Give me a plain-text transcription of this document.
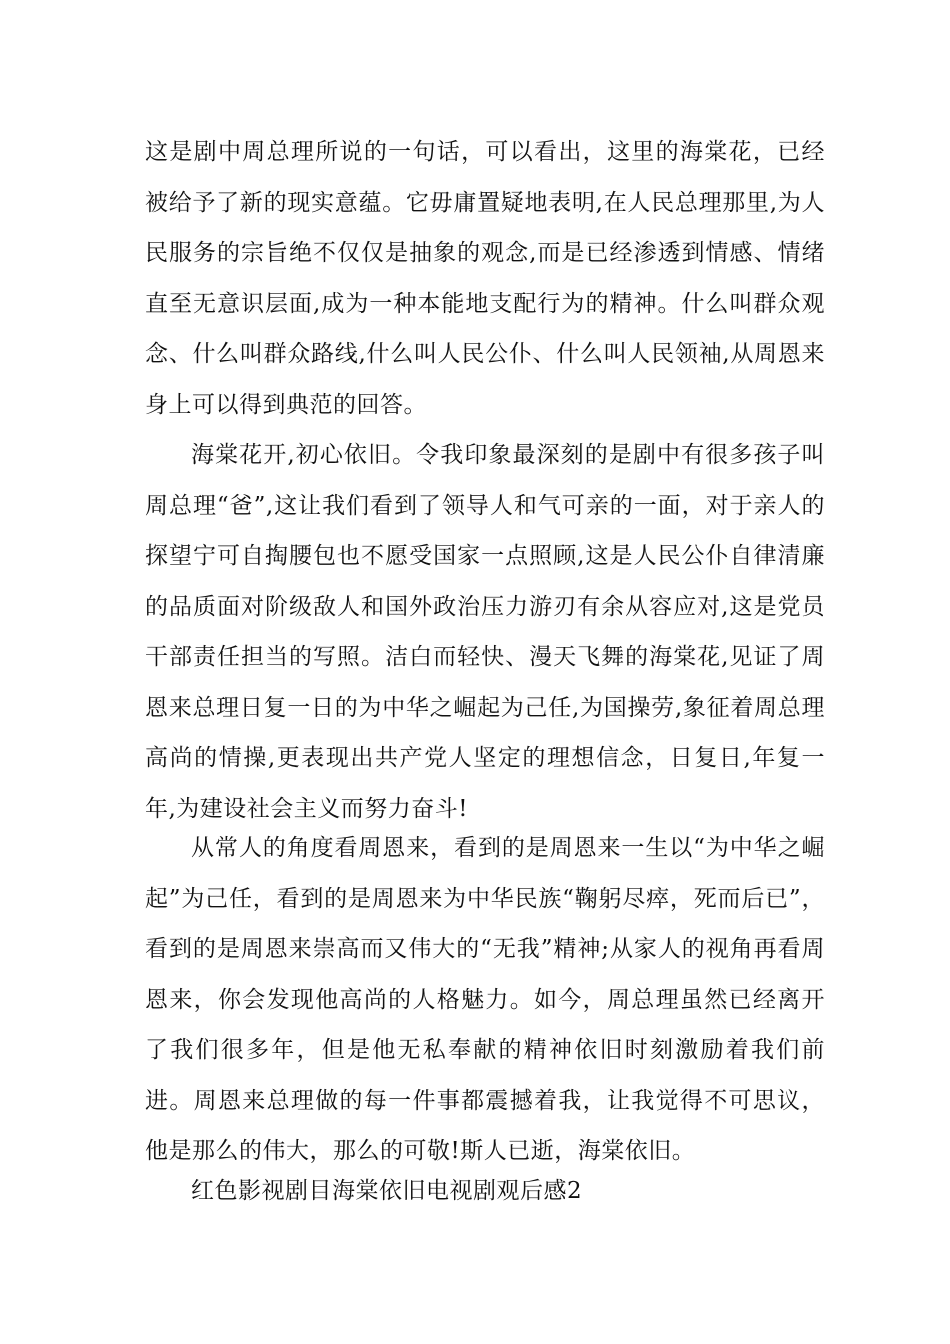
这是剧中周总理所说的一句话，可以看出，这里的海棠花，已经被给予了新的现实意蕴。它毋庸置疑地表明,在人民总理那里,为人民服务的宗旨绝不仅仅是抽象的观念,而是已经渗透到情感、情绪直至无意识层面,成为一种本能地支配行为的精神。什么叫群众观念、什么叫群众路线,什么叫人民公仆、什么叫人民领袖,从周恩来身上可以得到典范的回答。

海棠花开,初心依旧。令我印象最深刻的是剧中有很多孩子叫周总理“爸”,这让我们看到了领导人和气可亲的一面，对于亲人的探望宁可自掏腰包也不愿受国家一点照顾,这是人民公仆自律清廉的品质面对阶级敌人和国外政治压力游刃有余从容应对,这是党员干部责任担当的写照。洁白而轻快、漫天飞舞的海棠花,见证了周恩来总理日复一日的为中华之崛起为己任,为国操劳,象征着周总理高尚的情操,更表现出共产党人坚定的理想信念，日复日,年复一年,为建设社会主义而努力奋斗!

从常人的角度看周恩来，看到的是周恩来一生以“为中华之崛起”为己任，看到的是周恩来为中华民族“鞠躬尽瘁，死而后已”，看到的是周恩来崇高而又伟大的“无我”精神;从家人的视角再看周恩来，你会发现他高尚的人格魅力。如今，周总理虽然已经离开了我们很多年，但是他无私奉献的精神依旧时刻激励着我们前进。周恩来总理做的每一件事都震撼着我，让我觉得不可思议，他是那么的伟大，那么的可敬!斯人已逝，海棠依旧。

红色影视剧目海棠依旧电视剧观后感2
